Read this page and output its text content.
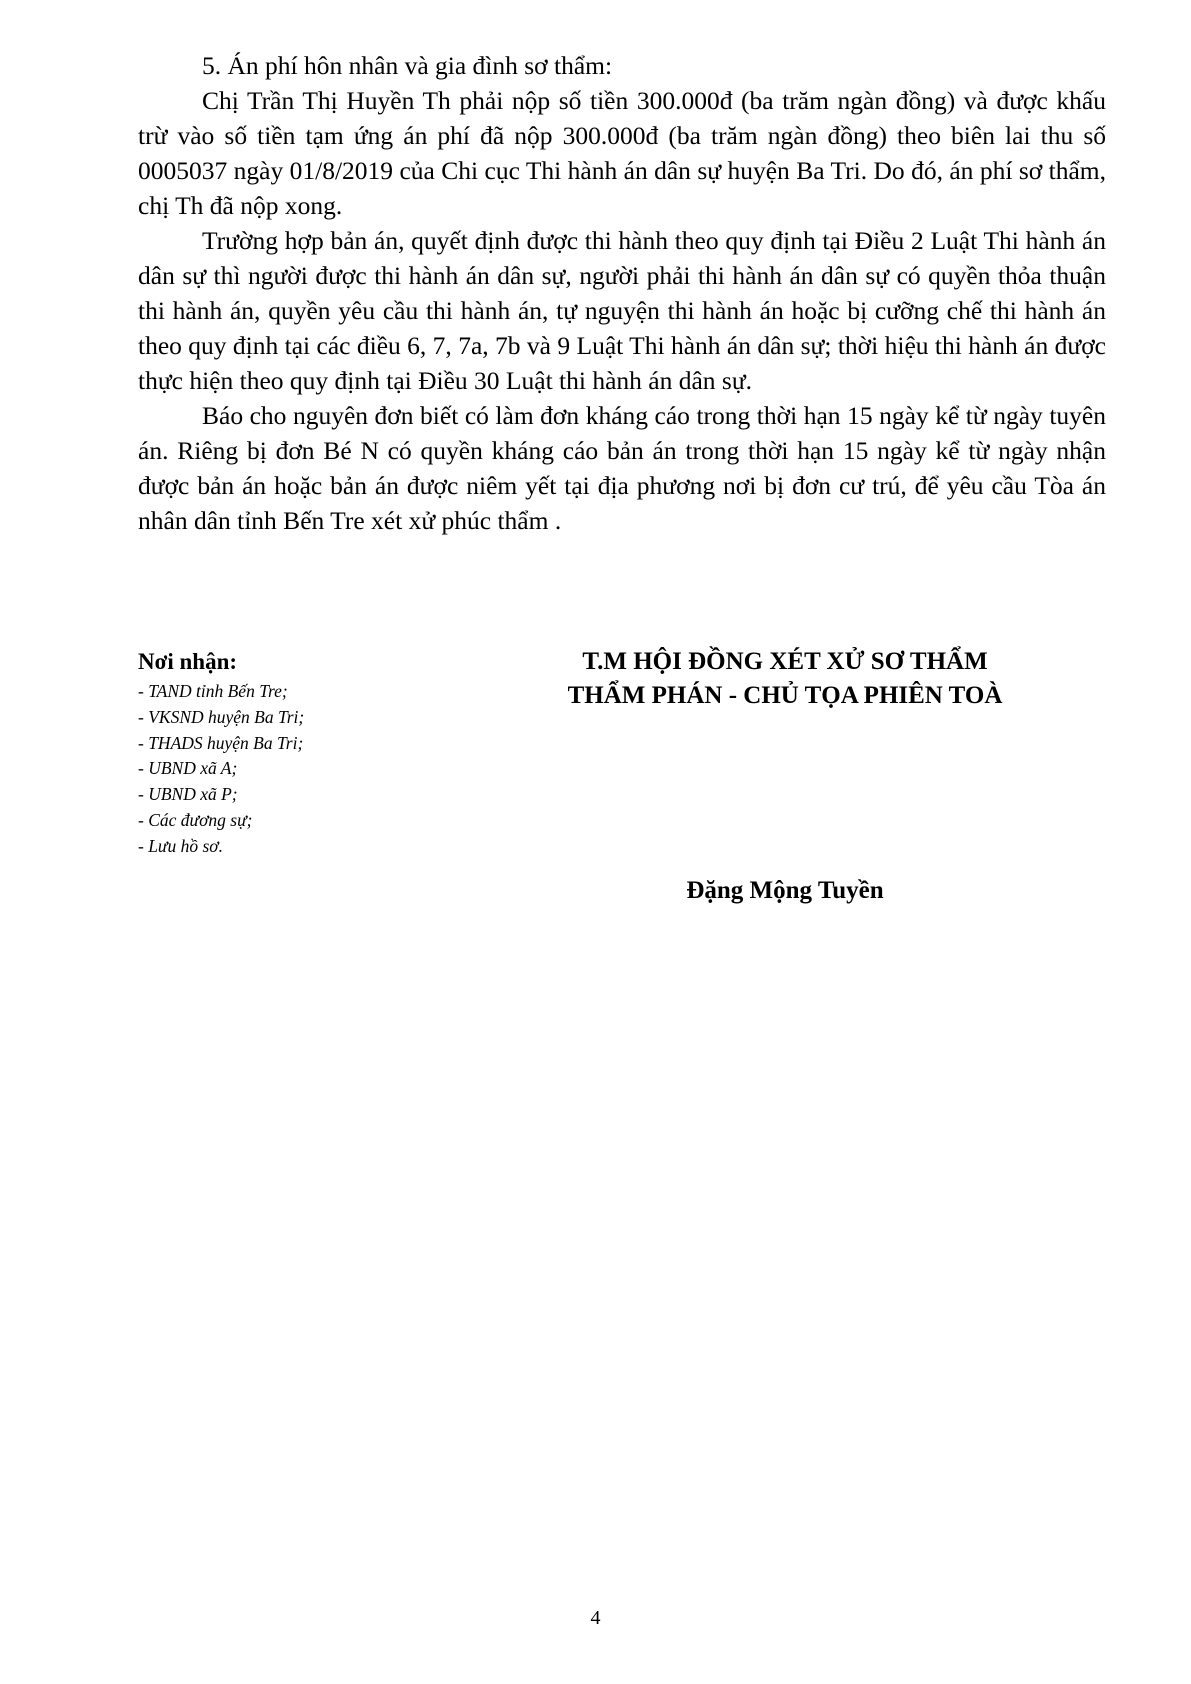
5. Án phí hôn nhân và gia đình sơ thẩm:

Chị Trần Thị Huyền Th phải nộp số tiền 300.000đ (ba trăm ngàn đồng) và được khấu trừ vào số tiền tạm ứng án phí đã nộp 300.000đ (ba trăm ngàn đồng) theo biên lai thu số 0005037 ngày 01/8/2019 của Chi cục Thi hành án dân sự huyện Ba Tri. Do đó, án phí sơ thẩm, chị Th đã nộp xong.

Trường hợp bản án, quyết định được thi hành theo quy định tại Điều 2 Luật Thi hành án dân sự thì người được thi hành án dân sự, người phải thi hành án dân sự có quyền thỏa thuận thi hành án, quyền yêu cầu thi hành án, tự nguyện thi hành án hoặc bị cưỡng chế thi hành án theo quy định tại các điều 6, 7, 7a, 7b và 9 Luật Thi hành án dân sự; thời hiệu thi hành án được thực hiện theo quy định tại Điều 30 Luật thi hành án dân sự.

Báo cho nguyên đơn biết có làm đơn kháng cáo trong thời hạn 15 ngày kể từ ngày tuyên án. Riêng bị đơn Bé N có quyền kháng cáo bản án trong thời hạn 15 ngày kể từ ngày nhận được bản án hoặc bản án được niêm yết tại địa phương nơi bị đơn cư trú, để yêu cầu Tòa án nhân dân tỉnh Bến Tre xét xử phúc thẩm .

Nơi nhận:
- TAND tỉnh Bến Tre;
- VKSND huyện Ba Tri;
- THADS huyện Ba Tri;
- UBND xã A;
- UBND xã P;
- Các đương sự;
- Lưu hồ sơ.
T.M HỘI ĐỒNG XÉT XỬ SƠ THẨM
THẨM PHÁN - CHỦ TỌA PHIÊN TOÀ
Đặng Mộng Tuyền
4
